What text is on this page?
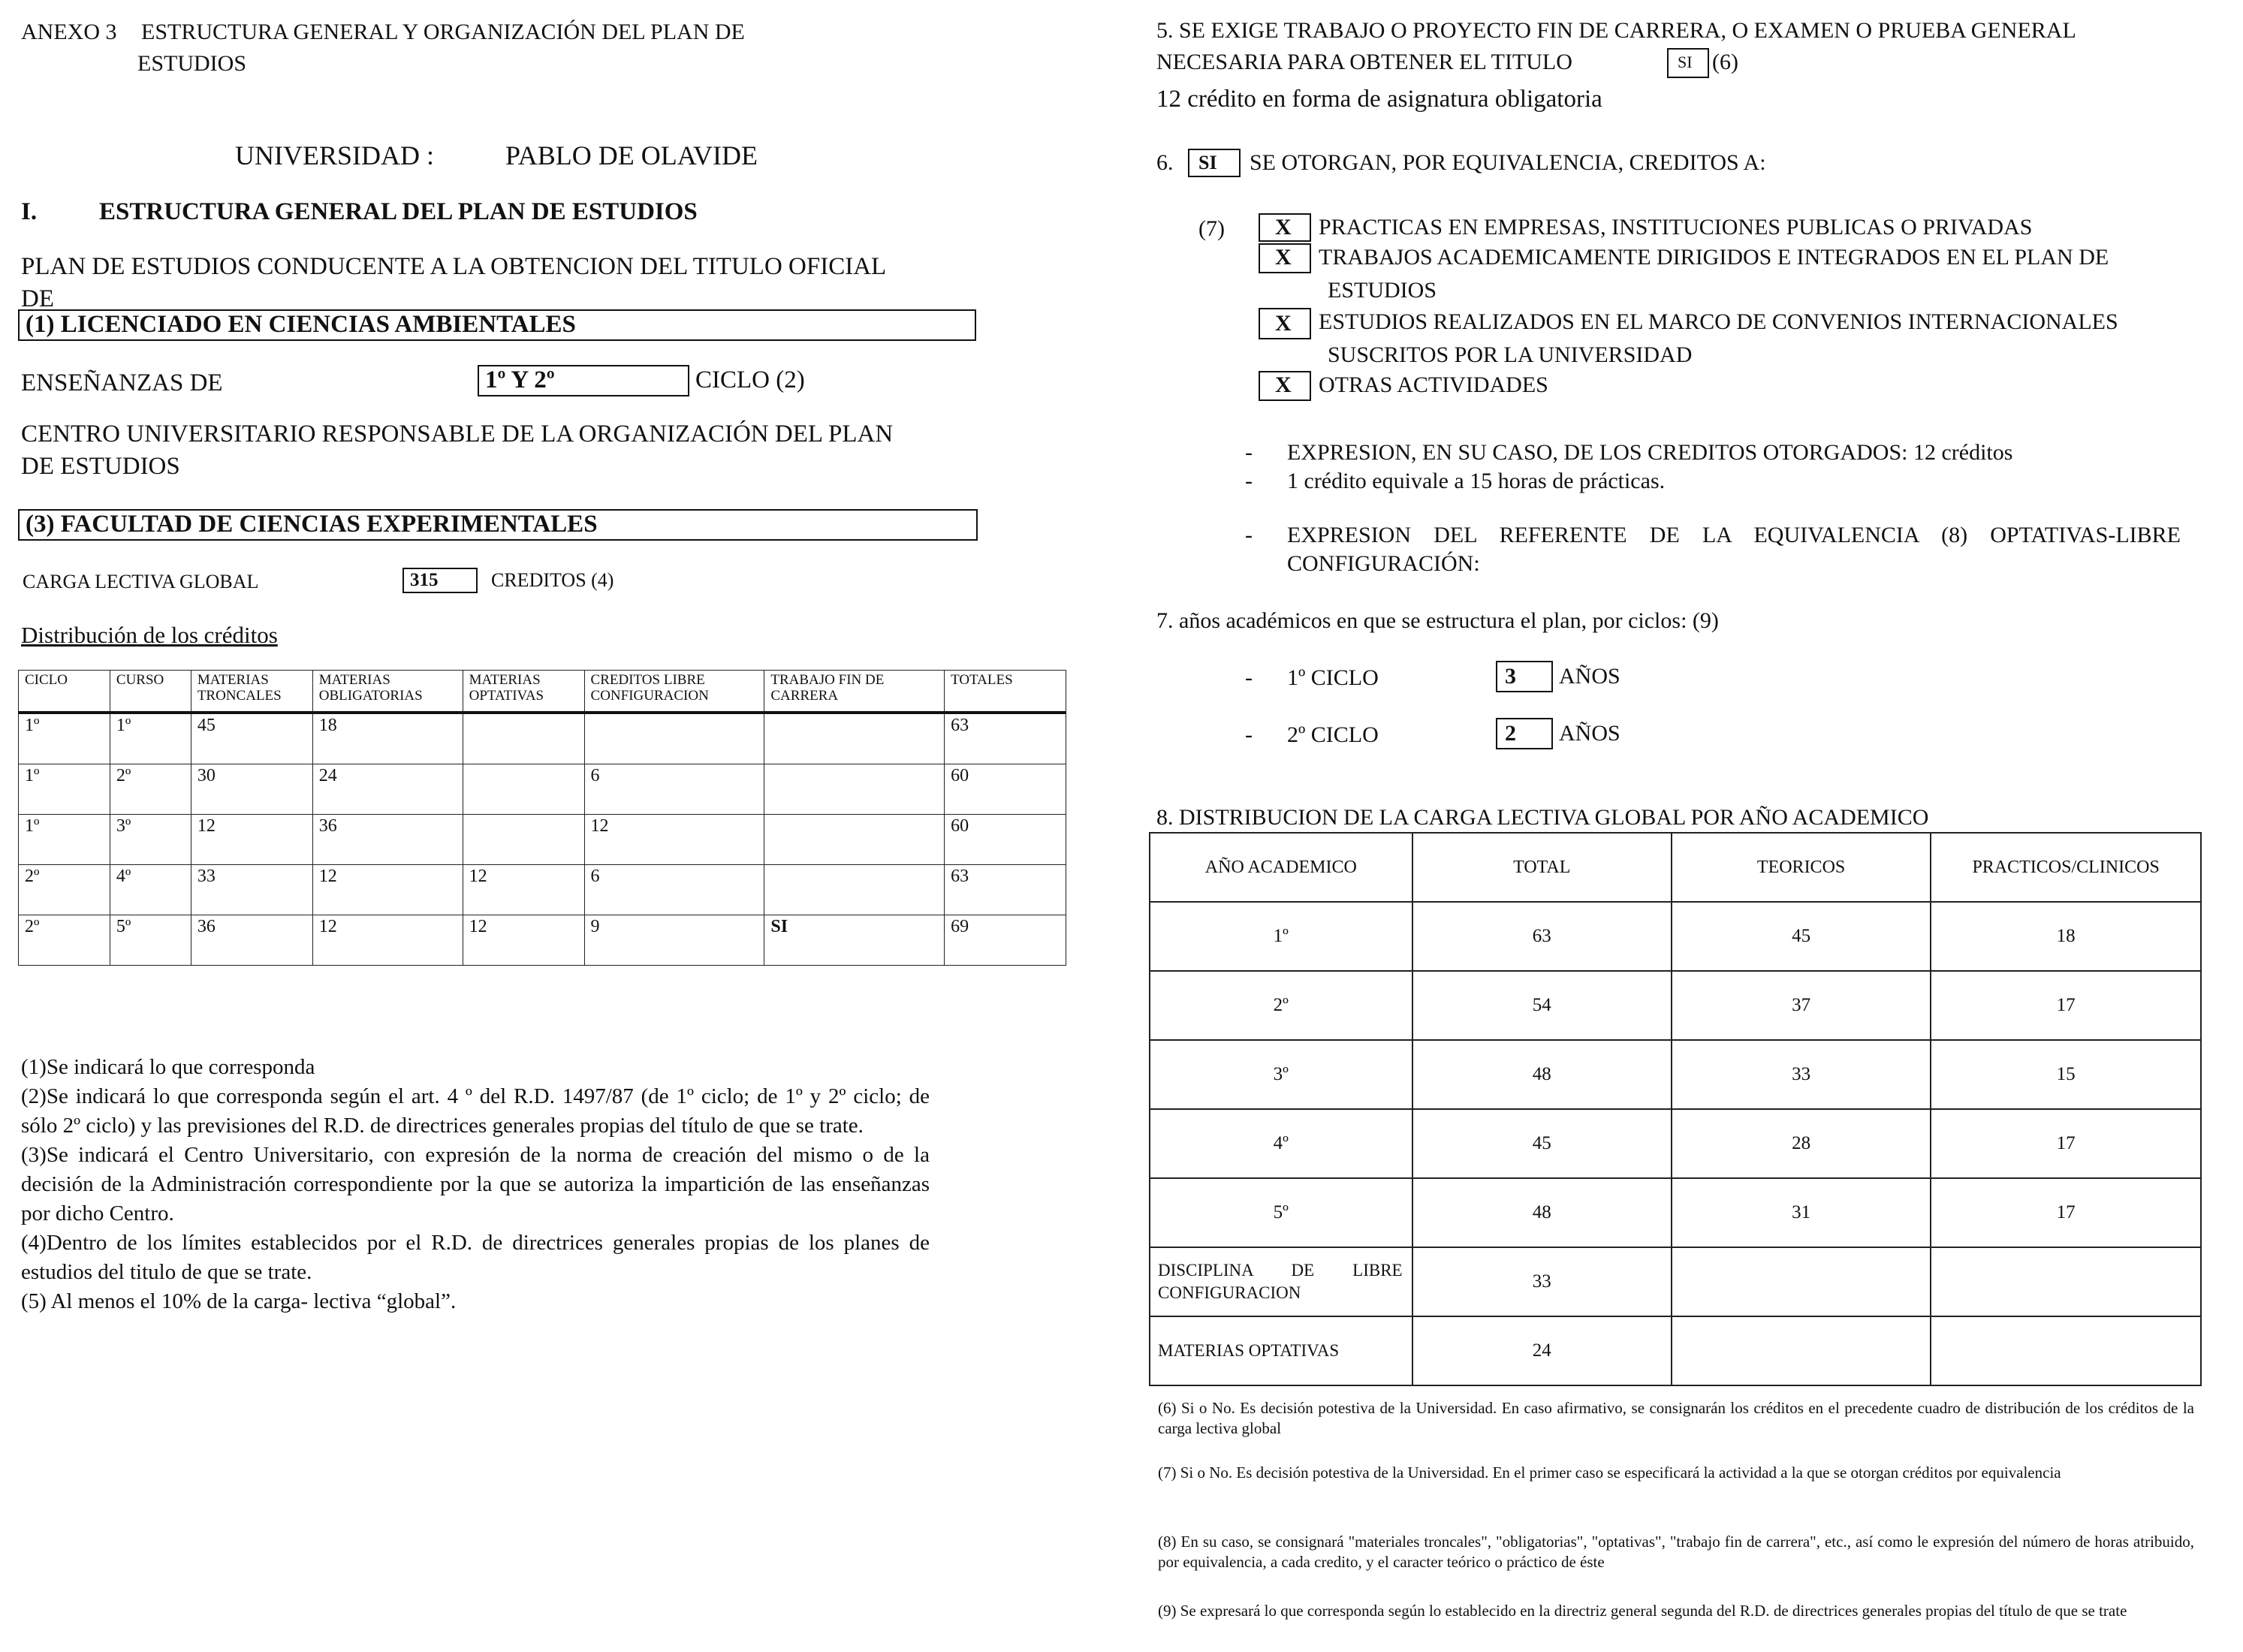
ANEXO 3 ESTRUCTURA GENERAL Y ORGANIZACIÓN DEL PLAN DE
ESTUDIOS
UNIVERSIDAD :	PABLO DE OLAVIDE
I.	ESTRUCTURA GENERAL DEL PLAN DE ESTUDIOS
PLAN DE ESTUDIOS CONDUCENTE A LA OBTENCION DEL TITULO OFICIAL
DE
(1) LICENCIADO EN CIENCIAS AMBIENTALES
ENSEÑANZAS DE	1º Y 2º	CICLO (2)
CENTRO UNIVERSITARIO RESPONSABLE DE LA ORGANIZACIÓN DEL PLAN
DE ESTUDIOS
(3) FACULTAD DE CIENCIAS EXPERIMENTALES
CARGA LECTIVA GLOBAL	315	CREDITOS (4)
Distribución de los créditos
CICLO	CURSO	MATERIAS TRONCALES	MATERIAS OBLIGATORIAS	MATERIAS OPTATIVAS	CREDITOS LIBRE CONFIGURACION	TRABAJO FIN DE CARRERA	TOTALES
1º	1º	45	18				63
1º	2º	30	24		6		60
1º	3º	12	36		12		60
2º	4º	33	12	12	6		63
2º	5º	36	12	12	9	SI	69

(1)Se indicará lo que corresponda

(2)Se indicará lo que corresponda según el art. 4 º del R.D. 1497/87 (de 1º ciclo; de 1º y 2º ciclo; de sólo 2º ciclo) y las previsiones del R.D. de directrices generales propias del título de que se trate.

(3)Se indicará el Centro Universitario, con expresión de la norma de creación del mismo o de la decisión de la Administración correspondiente por la que se autoriza la impartición de las enseñanzas por dicho Centro.

(4)Dentro de los límites establecidos por el R.D. de directrices generales propias de los planes de estudios del titulo de que se trate.

(5) Al menos el 10% de la carga- lectiva “global”.

5. SE EXIGE TRABAJO O PROYECTO FIN DE CARRERA, O EXAMEN O PRUEBA GENERAL
NECESARIA PARA OBTENER EL TITULO	SI (6)
12 crédito en forma de asignatura obligatoria
6. SI SE OTORGAN, POR EQUIVALENCIA, CREDITOS A:
(7) X PRACTICAS EN EMPRESAS, INSTITUCIONES PUBLICAS O PRIVADAS
X TRABAJOS ACADEMICAMENTE DIRIGIDOS E INTEGRADOS EN EL PLAN DE
ESTUDIOS
X ESTUDIOS REALIZADOS EN EL MARCO DE CONVENIOS INTERNACIONALES
SUSCRITOS POR LA UNIVERSIDAD
X OTRAS ACTIVIDADES
- EXPRESION, EN SU CASO, DE LOS CREDITOS OTORGADOS: 12 créditos
- 1 crédito equivale a 15 horas de prácticas.
- EXPRESION DEL REFERENTE DE LA EQUIVALENCIA (8) OPTATIVAS-LIBRE
CONFIGURACIÓN:
7. años académicos en que se estructura el plan, por ciclos: (9)
- 1º CICLO	3 AÑOS
- 2º CICLO	2 AÑOS
8. DISTRIBUCION DE LA CARGA LECTIVA GLOBAL POR AÑO ACADEMICO
AÑO ACADEMICO	TOTAL	TEORICOS	PRACTICOS/CLINICOS
1º	63	45	18
2º	54	37	17
3º	48	33	15
4º	45	28	17
5º	48	31	17
DISCIPLINA DE LIBRE CONFIGURACION	33		
MATERIAS OPTATIVAS	24		
(6) Si o No. Es decisión potestiva de la Universidad. En caso afirmativo, se consignarán los créditos en el precedente cuadro de distribución de los créditos de la carga lectiva global
(7) Si o No. Es decisión potestiva de la Universidad. En el primer caso se especificará la actividad a la que se otorgan créditos por equivalencia
(8) En su caso, se consignará "materiales troncales", "obligatorias", "optativas", "trabajo fin de carrera", etc., así como le expresión del número de horas atribuido, por equivalencia, a cada credito, y el caracter teórico o práctico de éste
(9) Se expresará lo que corresponda según lo establecido en la directriz general segunda del R.D. de directrices generales propias del título de que se trate
